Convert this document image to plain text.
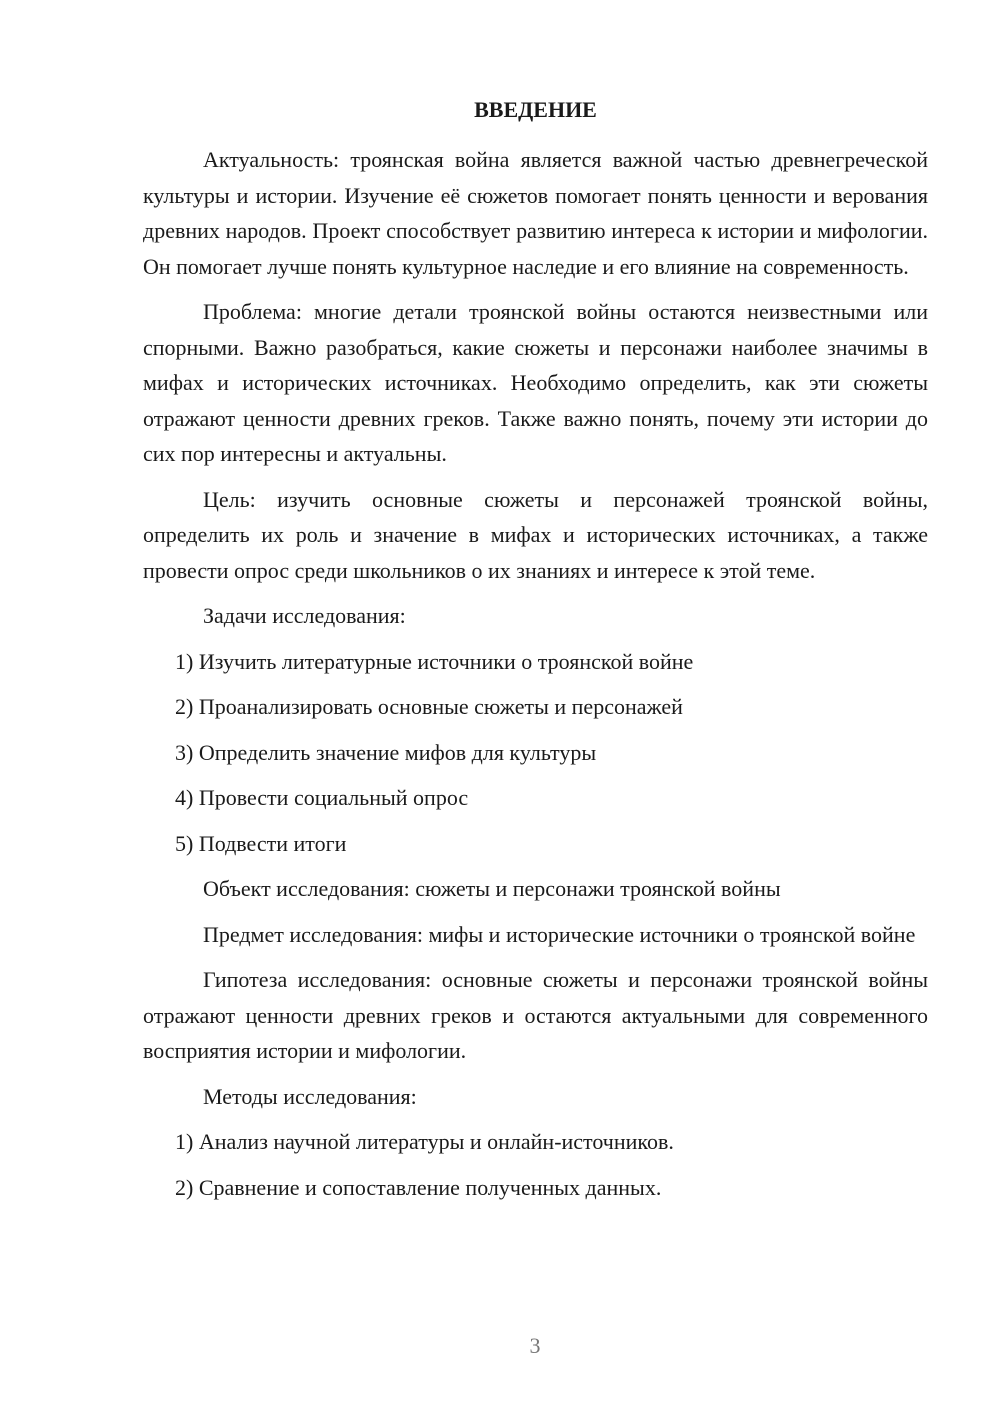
ВВЕДЕНИЕ

Актуальность: троянская война является важной частью древнегреческой культуры и истории. Изучение её сюжетов помогает понять ценности и верования древних народов. Проект способствует развитию интереса к истории и мифологии. Он помогает лучше понять культурное наследие и его влияние на современность.

Проблема: многие детали троянской войны остаются неизвестными или спорными. Важно разобраться, какие сюжеты и персонажи наиболее значимы в мифах и исторических источниках. Необходимо определить, как эти сюжеты отражают ценности древних греков. Также важно понять, почему эти истории до сих пор интересны и актуальны.

Цель: изучить основные сюжеты и персонажей троянской войны, определить их роль и значение в мифах и исторических источниках, а также провести опрос среди школьников о их знаниях и интересе к этой теме.

Задачи исследования:

1) Изучить литературные источники о троянской войне

2) Проанализировать основные сюжеты и персонажей

3) Определить значение мифов для культуры

4) Провести социальный опрос

5) Подвести итоги

Объект исследования: сюжеты и персонажи троянской войны

Предмет исследования: мифы и исторические источники о троянской войне

Гипотеза исследования: основные сюжеты и персонажи троянской войны отражают ценности древних греков и остаются актуальными для современного восприятия истории и мифологии.

Методы исследования:

1) Анализ научной литературы и онлайн-источников.

2) Сравнение и сопоставление полученных данных.

3
